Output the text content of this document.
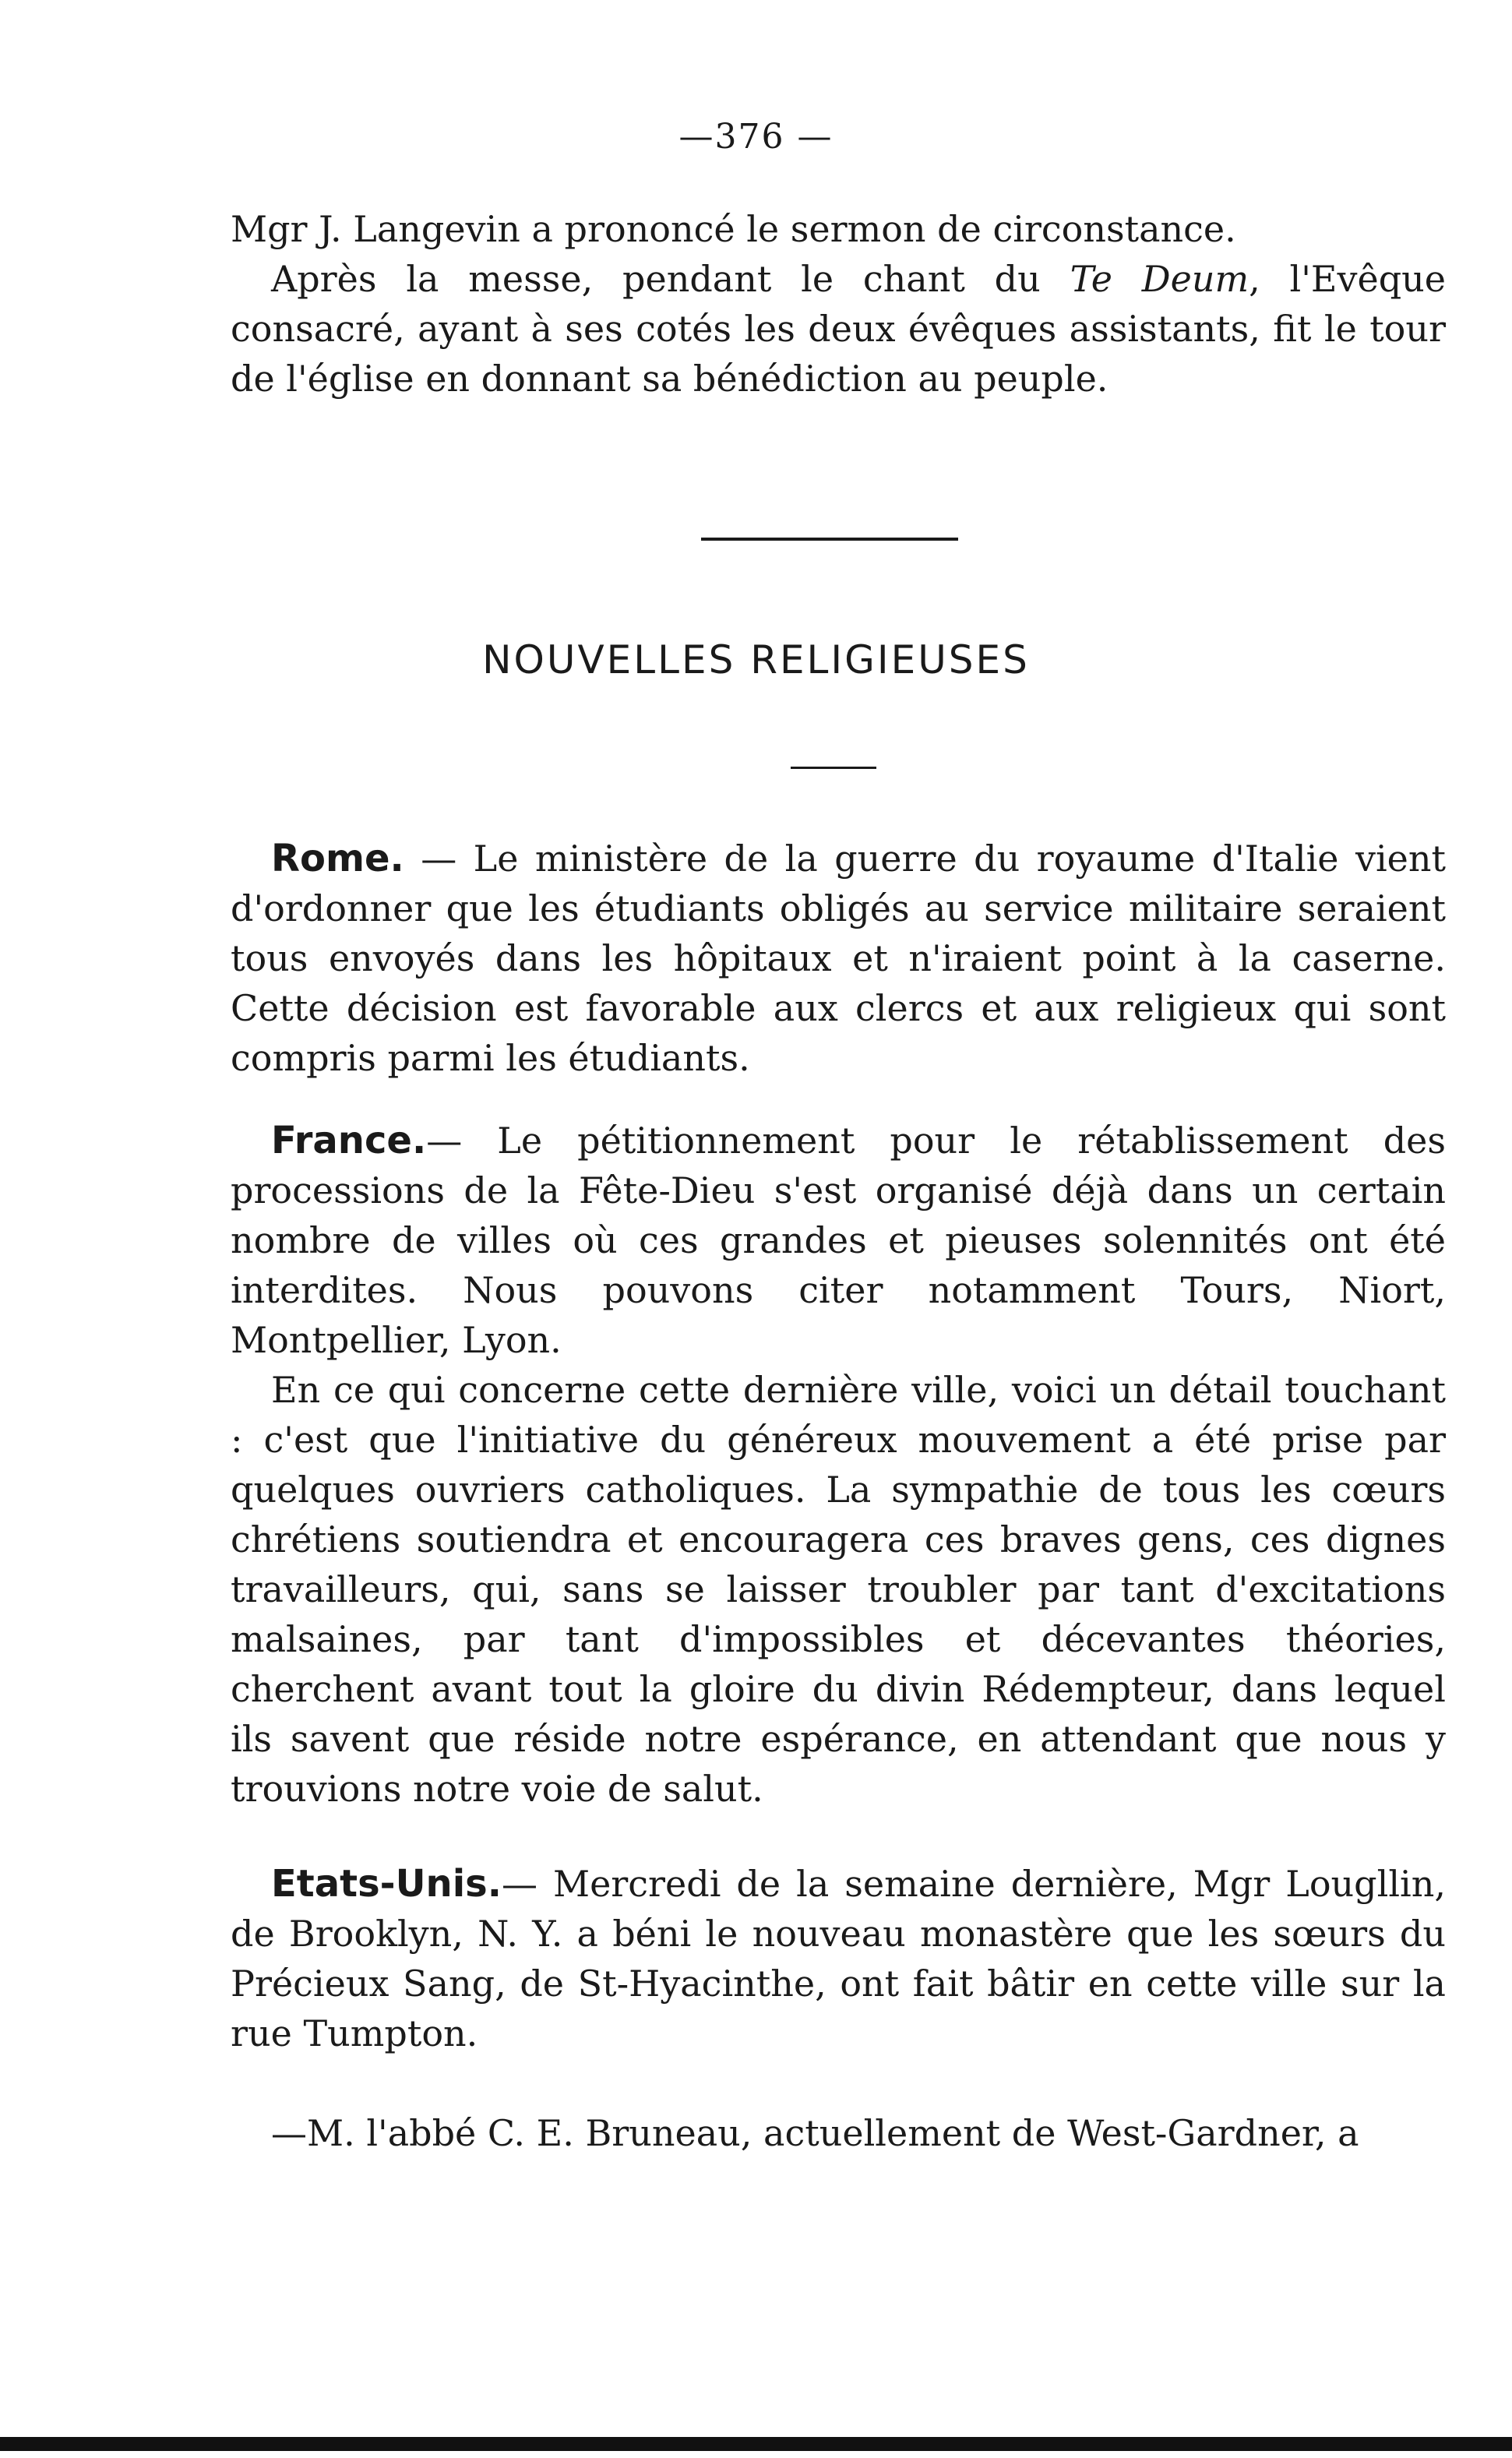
—376 —

Mgr J. Langevin a prononcé le sermon de circonstance.

Après la messe, pendant le chant du Te Deum, l'Evêque consacré, ayant à ses cotés les deux évêques assistants, fit le tour de l'église en donnant sa bénédiction au peuple.

NOUVELLES RELIGIEUSES

Rome. — Le ministère de la guerre du royaume d'Italie vient d'ordonner que les étudiants obligés au service militaire seraient tous envoyés dans les hôpitaux et n'iraient point à la caserne. Cette décision est favorable aux clercs et aux religieux qui sont compris parmi les étudiants.

France.— Le pétitionnement pour le rétablissement des processions de la Fête-Dieu s'est organisé déjà dans un certain nombre de villes où ces grandes et pieuses solennités ont été interdites. Nous pouvons citer notamment Tours, Niort, Montpellier, Lyon.

En ce qui concerne cette dernière ville, voici un détail touchant : c'est que l'initiative du généreux mouvement a été prise par quelques ouvriers catholiques. La sympathie de tous les cœurs chrétiens soutiendra et encouragera ces braves gens, ces dignes travailleurs, qui, sans se laisser troubler par tant d'excitations malsaines, par tant d'impossibles et décevantes théories, cherchent avant tout la gloire du divin Rédempteur, dans lequel ils savent que réside notre espérance, en attendant que nous y trouvions notre voie de salut.

Etats-Unis.— Mercredi de la semaine dernière, Mgr Lougllin, de Brooklyn, N. Y. a béni le nouveau monastère que les sœurs du Précieux Sang, de St-Hyacinthe, ont fait bâtir en cette ville sur la rue Tumpton.

—M. l'abbé C. E. Bruneau, actuellement de West-Gardner, a
